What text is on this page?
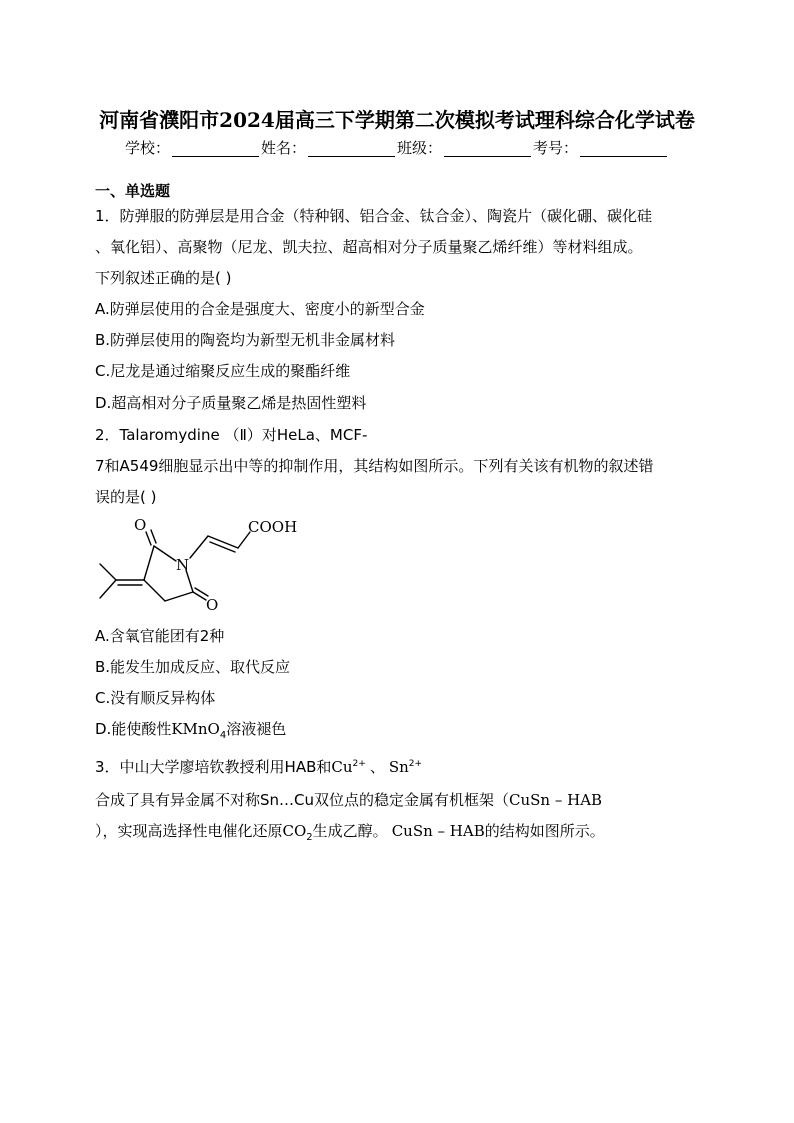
河南省濮阳市2024届高三下学期第二次模拟考试理科综合化学试卷
学校：	姓名：	班级：	考号：
一、单选题
1．防弹服的防弹层是用合金（特种钢、铝合金、钛合金）、陶瓷片（碳化硼、碳化硅
、氧化铝）、高聚物（尼龙、凯夫拉、超高相对分子质量聚乙烯纤维）等材料组成。
下列叙述正确的是( )
A.防弹层使用的合金是强度大、密度小的新型合金
B.防弹层使用的陶瓷均为新型无机非金属材料
C.尼龙是通过缩聚反应生成的聚酯纤维
D.超高相对分子质量聚乙烯是热固性塑料
2．Talaromydine （Ⅱ）对HeLa、MCF-
7和A549细胞显示出中等的抑制作用，其结构如图所示。下列有关该有机物的叙述错
误的是( )
O
N
O
COOH
A.含氧官能团有2种
B.能发生加成反应、取代反应
C.没有顺反异构体
D.能使酸性KMnO$_4$溶液褪色
3．中山大学廖培钦教授利用HAB和$Cu^{2+}$ 、 $Sn^{2+}$
合成了具有异金属不对称Sn…Cu双位点的稳定金属有机框架（CuSn – HAB
），实现高选择性电催化还原$CO_2$生成乙醇。 CuSn – HAB的结构如图所示。
